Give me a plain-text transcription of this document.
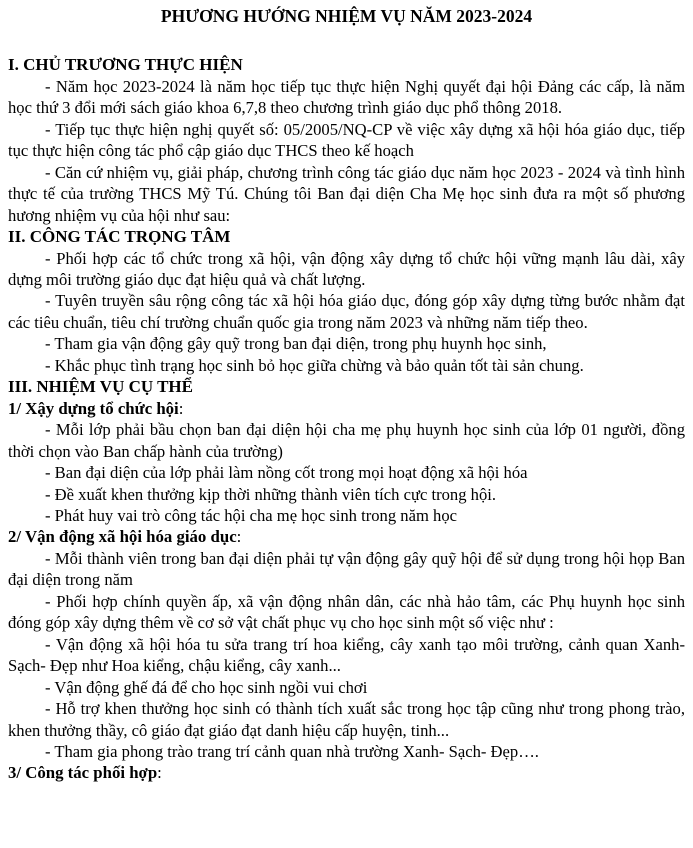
PHƯƠNG HƯỚNG NHIỆM VỤ NĂM 2023-2024
I. CHỦ TRƯƠNG THỰC HIỆN
- Năm học 2023-2024 là năm học tiếp tục thực hiện Nghị quyết đại hội Đảng các cấp, là năm học thứ 3 đổi mới sách giáo khoa 6,7,8 theo chương trình giáo dục phổ thông 2018.
- Tiếp tục thực hiện nghị quyết số: 05/2005/NQ-CP về việc xây dựng xã hội hóa giáo dục, tiếp tục thực hiện công tác phổ cập giáo dục THCS theo kế hoạch
- Căn cứ nhiệm vụ, giải pháp, chương trình công tác giáo dục năm học 2023 - 2024 và tình hình thực tế của trường THCS Mỹ Tú. Chúng tôi Ban đại diện Cha Mẹ học sinh đưa ra một số phương hương nhiệm vụ của hội như sau:
II. CÔNG TÁC TRỌNG TÂM
- Phối hợp các tổ chức trong xã hội, vận động xây dựng tổ chức hội vững mạnh lâu dài, xây dựng môi trường giáo dục đạt hiệu quả và chất lượng.
- Tuyên truyền sâu rộng công tác xã hội hóa giáo dục, đóng góp xây dựng từng bước nhằm đạt các tiêu chuẩn, tiêu chí trường chuẩn quốc gia trong năm 2023 và những năm tiếp theo.
- Tham gia vận động gây quỹ trong ban đại diện, trong phụ huynh học sinh,
- Khắc phục tình trạng học sinh bỏ học giữa chừng và bảo quản tốt tài sản chung.
III. NHIỆM VỤ CỤ THỂ
1/ Xậy dựng tổ chức hội:
- Mỗi lớp phải bầu chọn ban đại diện hội cha mẹ phụ huynh học sinh của lớp 01 người, đồng thời chọn vào Ban chấp hành của trường)
- Ban đại diện của lớp phải làm nồng cốt trong mọi hoạt động xã hội hóa
- Đề xuất khen thưởng kịp thời những thành viên tích cực trong hội.
- Phát huy vai trò công tác hội cha mẹ học sinh trong năm học
2/ Vận động xã hội hóa giáo dục:
- Mỗi thành viên trong ban đại diện phải tự vận động gây quỹ hội để sử dụng trong hội họp Ban đại diện trong năm
- Phối hợp chính quyền ấp, xã vận động nhân dân, các nhà hảo tâm, các Phụ huynh học sinh đóng góp xây dựng thêm về cơ sở vật chất phục vụ cho học sinh một số việc như :
- Vận động xã hội hóa tu sửa trang trí hoa kiểng, cây xanh tạo môi trường, cảnh quan Xanh- Sạch- Đẹp như Hoa kiểng, chậu kiểng, cây xanh...
- Vận động ghế đá để cho học sinh ngồi vui chơi
- Hỗ trợ khen thưởng học sinh có thành tích xuất sắc trong học tập cũng như trong phong trào, khen thưởng thầy, cô giáo đạt giáo đạt danh hiệu cấp huyện, tinh...
- Tham gia phong trào trang trí cảnh quan nhà trường Xanh- Sạch- Đẹp….
3/ Công tác phối hợp:
